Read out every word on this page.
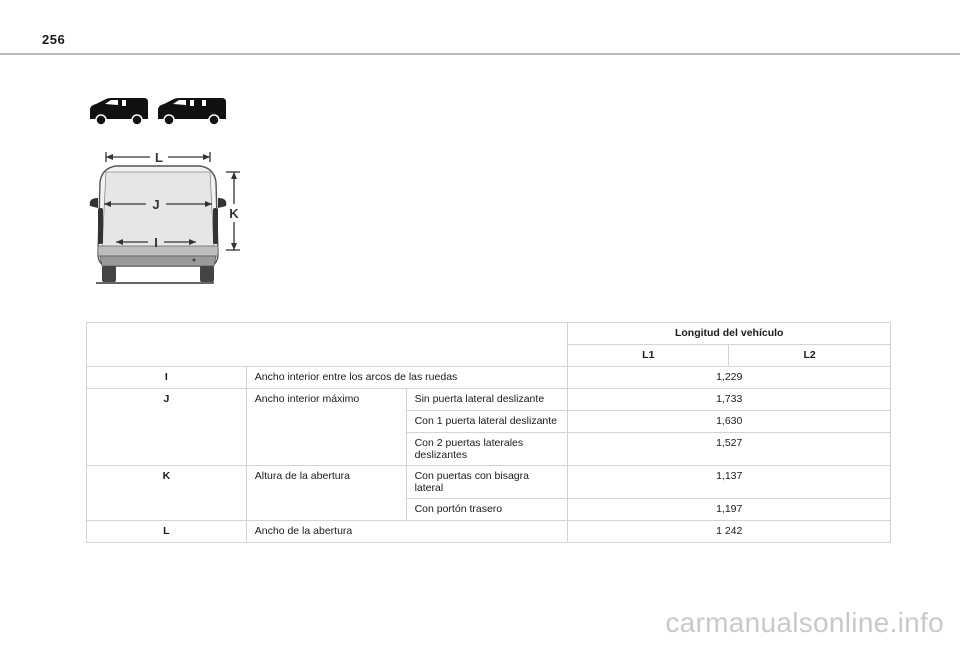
256
L
J
I
K
			Longitud del vehículo	
			L1	L2
I	Ancho interior entre los arcos de las ruedas		1,229	
J	Ancho interior máximo	Sin puerta lateral deslizante	1,733	
		Con 1 puerta lateral deslizante	1,630	
		Con 2 puertas laterales
deslizantes	1,527	
K	Altura de la abertura	Con puertas con bisagra lateral	1,137	
		Con portón trasero	1,197	
L	Ancho de la abertura		1 242	
carmanualsonline.info
